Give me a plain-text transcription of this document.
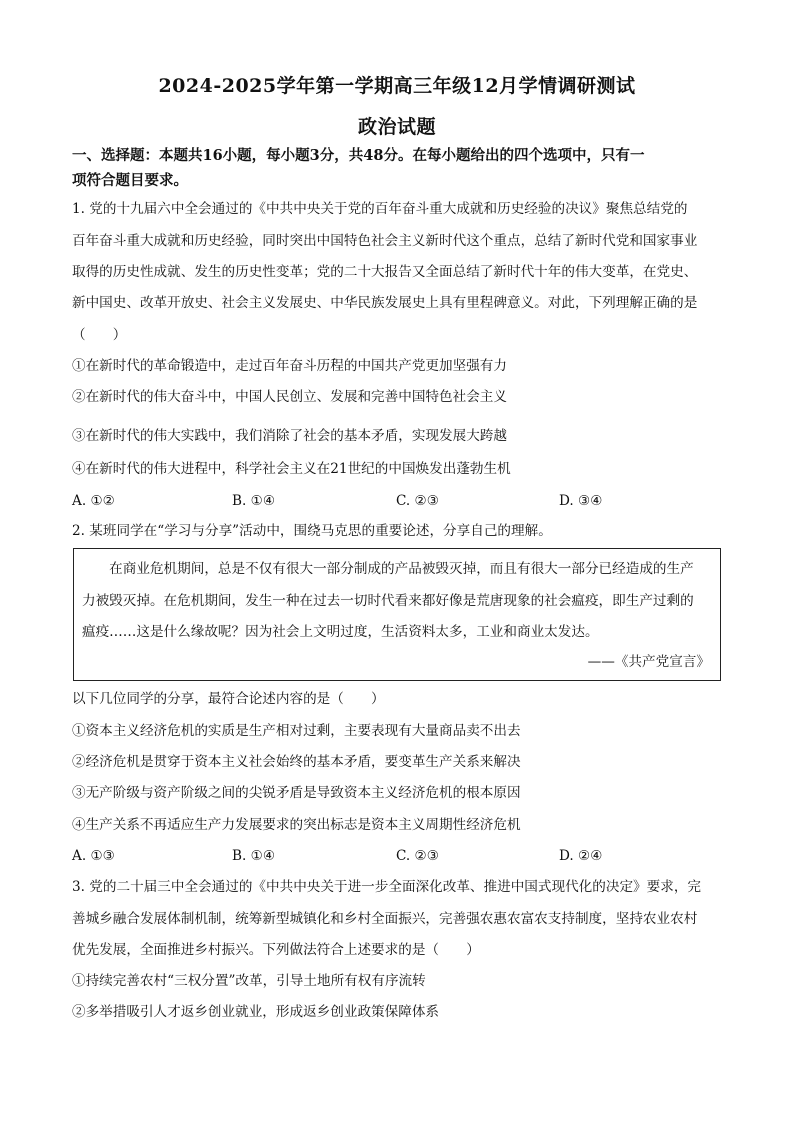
2024-2025学年第一学期高三年级12月学情调研测试
政治试题
一、选择题：本题共16小题，每小题3分，共48分。在每小题给出的四个选项中，只有一
项符合题目要求。
1. 党的十九届六中全会通过的《中共中央关于党的百年奋斗重大成就和历史经验的决议》聚焦总结党的
百年奋斗重大成就和历史经验，同时突出中国特色社会主义新时代这个重点，总结了新时代党和国家事业
取得的历史性成就、发生的历史性变革；党的二十大报告又全面总结了新时代十年的伟大变革，在党史、
新中国史、改革开放史、社会主义发展史、中华民族发展史上具有里程碑意义。对此，下列理解正确的是
（　　）
①在新时代的革命锻造中，走过百年奋斗历程的中国共产党更加坚强有力
②在新时代的伟大奋斗中，中国人民创立、发展和完善中国特色社会主义
③在新时代的伟大实践中，我们消除了社会的基本矛盾，实现发展大跨越
④在新时代的伟大进程中，科学社会主义在21世纪的中国焕发出蓬勃生机
A. ①②	B. ①④	C. ②③	D. ③④
2. 某班同学在“学习与分享”活动中，围绕马克思的重要论述，分享自己的理解。
　　在商业危机期间，总是不仅有很大一部分制成的产品被毁灭掉，而且有很大一部分已经造成的生产
力被毁灭掉。在危机期间，发生一种在过去一切时代看来都好像是荒唐现象的社会瘟疫，即生产过剩的
瘟疫……这是什么缘故呢？因为社会上文明过度，生活资料太多，工业和商业太发达。
——《共产党宣言》
以下几位同学的分享，最符合论述内容的是（　　）
①资本主义经济危机的实质是生产相对过剩，主要表现有大量商品卖不出去
②经济危机是贯穿于资本主义社会始终的基本矛盾，要变革生产关系来解决
③无产阶级与资产阶级之间的尖锐矛盾是导致资本主义经济危机的根本原因
④生产关系不再适应生产力发展要求的突出标志是资本主义周期性经济危机
A. ①③	B. ①④	C. ②③	D. ②④
3. 党的二十届三中全会通过的《中共中央关于进一步全面深化改革、推进中国式现代化的决定》要求，完
善城乡融合发展体制机制，统筹新型城镇化和乡村全面振兴，完善强农惠农富农支持制度，坚持农业农村
优先发展，全面推进乡村振兴。下列做法符合上述要求的是（　　）
①持续完善农村“三权分置”改革，引导土地所有权有序流转
②多举措吸引人才返乡创业就业，形成返乡创业政策保障体系
